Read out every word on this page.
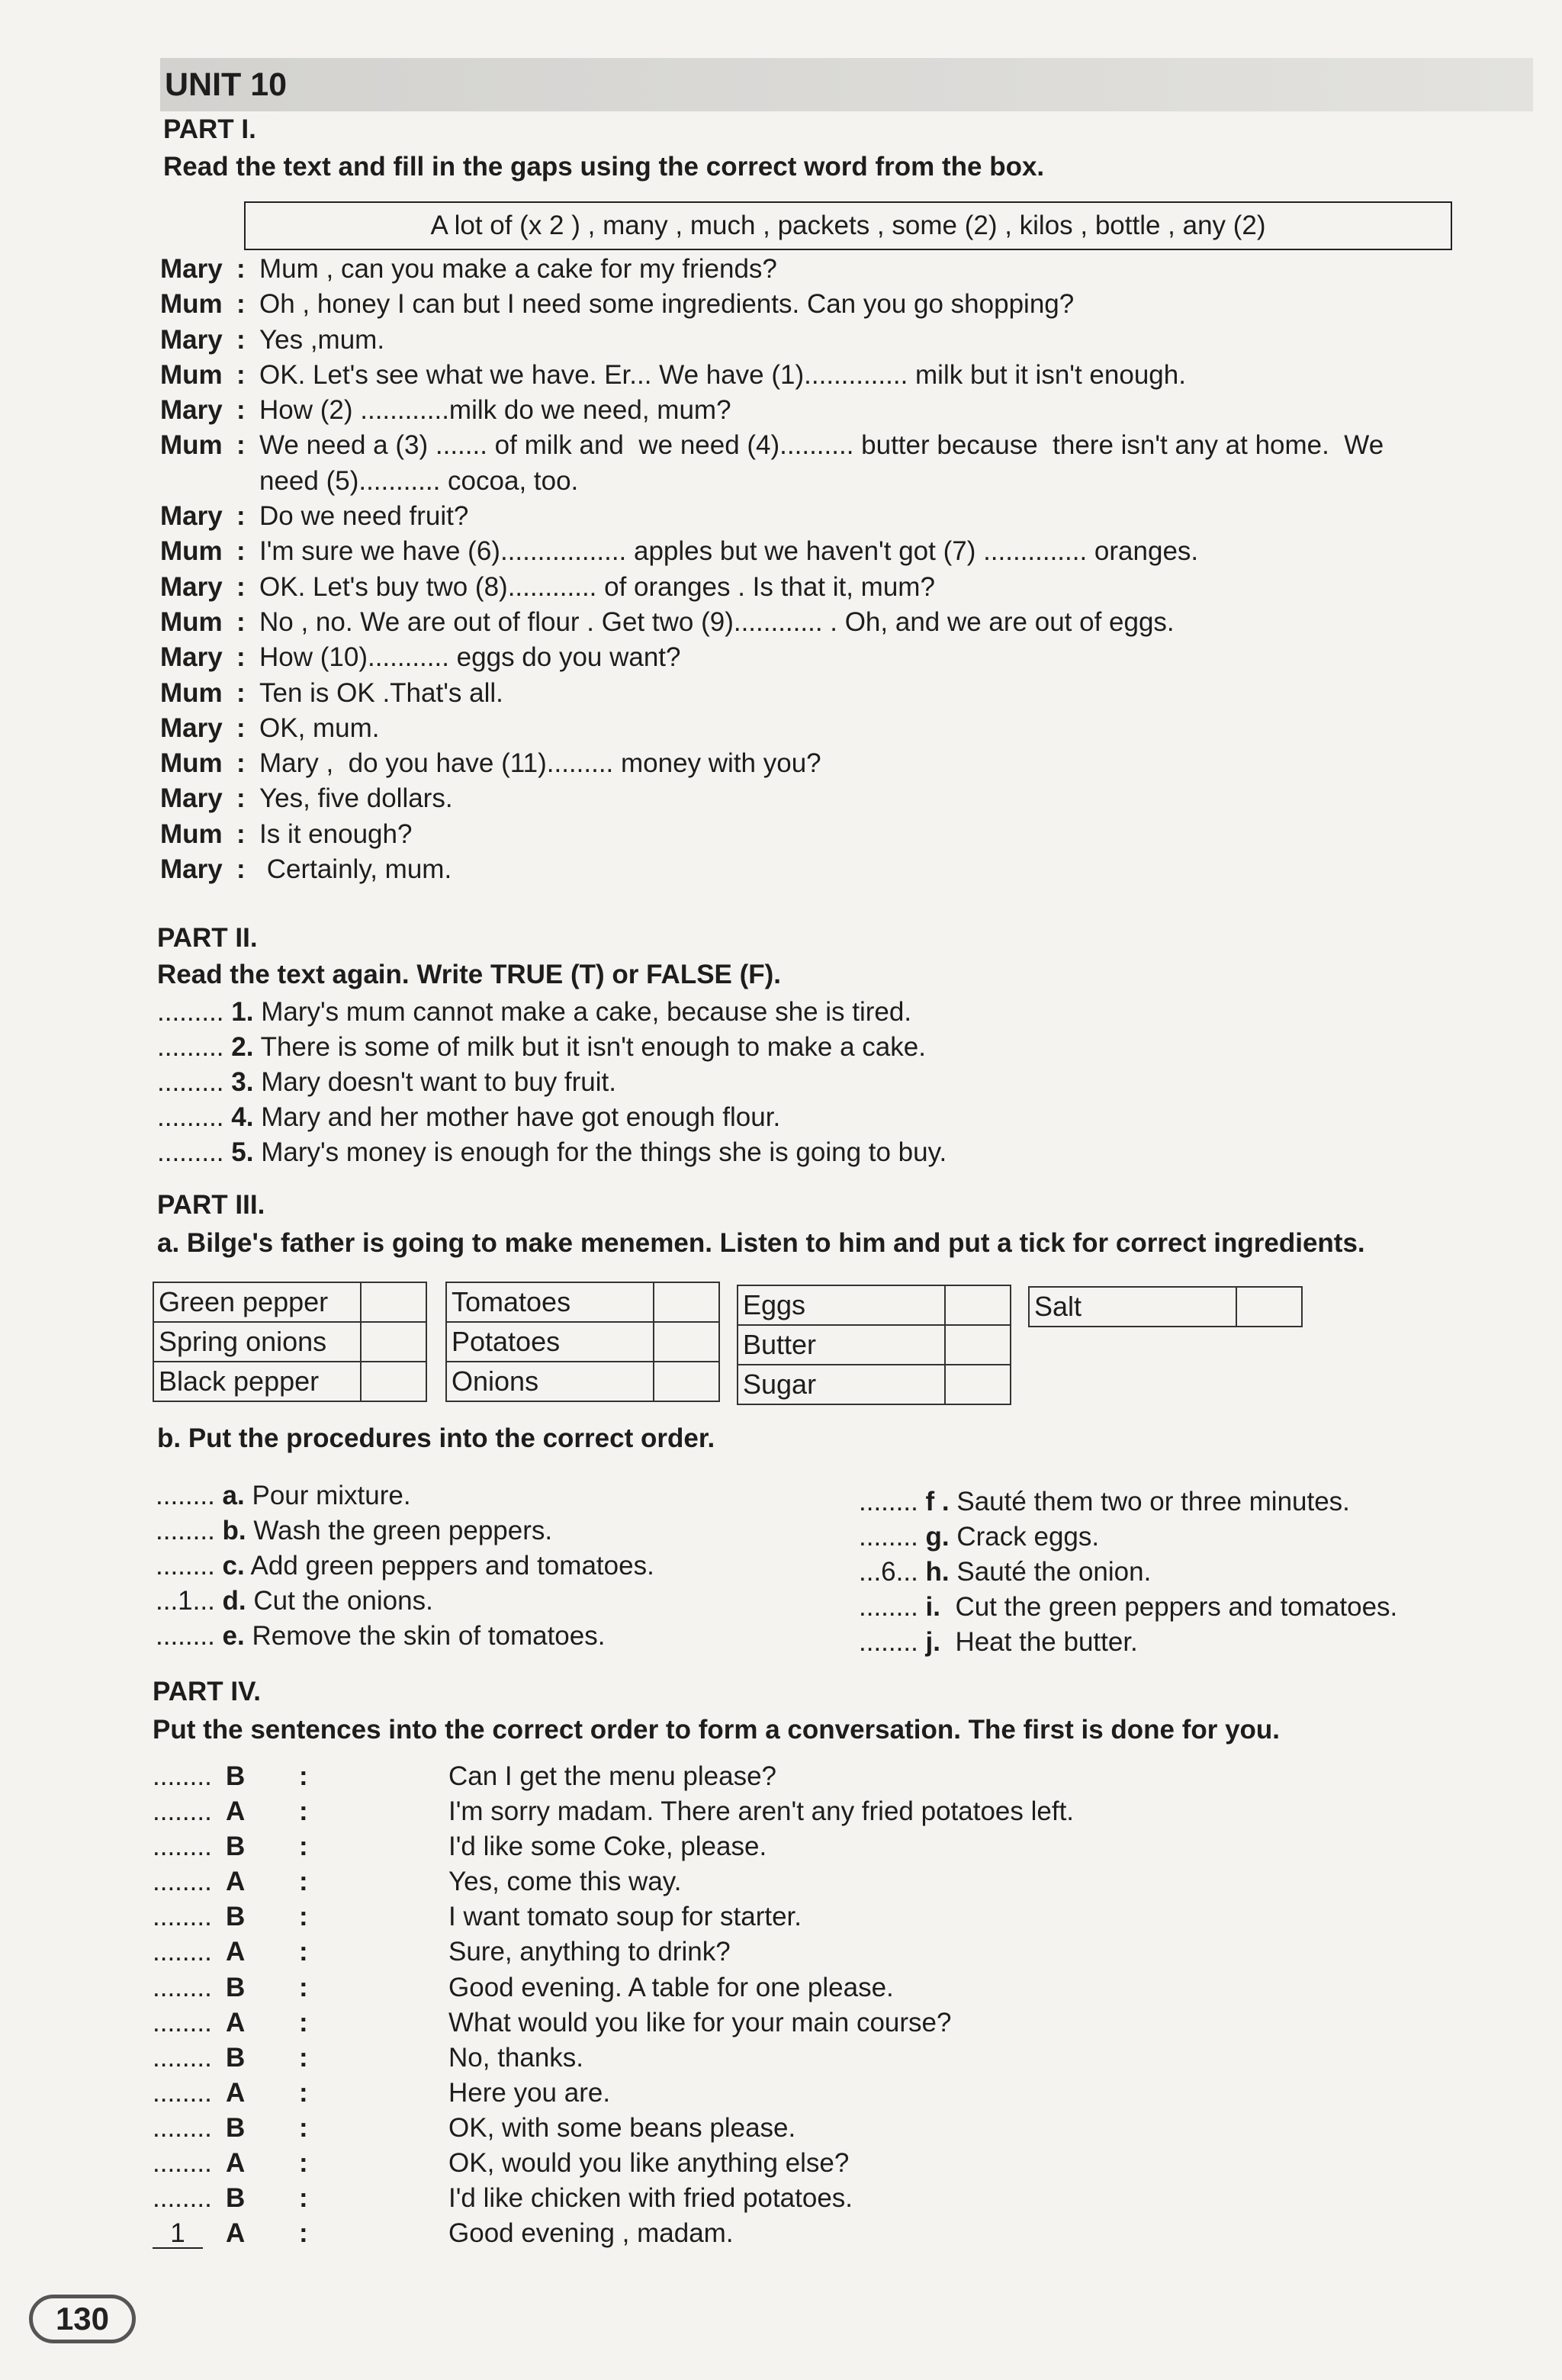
UNIT 10
PART I.
Read the text and fill in the gaps using the correct word from the box.
A lot of (x 2 ) , many , much , packets , some (2) , kilos , bottle , any (2)
Mary : Mum , can you make a cake for my friends?
Mum : Oh , honey I can but I need some ingredients. Can you go shopping?
Mary : Yes ,mum.
Mum : OK. Let's see what we have. Er... We have (1).............. milk but it isn't enough.
Mary : How (2) ............milk do we need, mum?
Mum : We need a (3) ....... of milk and  we need (4).......... butter because  there isn't any at home.  We
need (5)........... cocoa, too.
Mary : Do we need fruit?
Mum : I'm sure we have (6)................. apples but we haven't got (7) .............. oranges.
Mary : OK. Let's buy two (8)............ of oranges . Is that it, mum?
Mum : No , no. We are out of flour . Get two (9)............ . Oh, and we are out of eggs.
Mary : How (10)........... eggs do you want?
Mum : Ten is OK .That's all.
Mary : OK, mum.
Mum : Mary ,  do you have (11)......... money with you?
Mary : Yes, five dollars.
Mum : Is it enough?
Mary : Certainly, mum.
PART II.
Read the text again. Write TRUE (T) or FALSE (F).
......... 1. Mary's mum cannot make a cake, because she is tired.
......... 2. There is some of milk but it isn't enough to make a cake.
......... 3. Mary doesn't want to buy fruit.
......... 4. Mary and her mother have got enough flour.
......... 5. Mary's money is enough for the things she is going to buy.
PART III.
a. Bilge's father is going to make menemen. Listen to him and put a tick for correct ingredients.
Green pepper	
Spring onions	
Black pepper	
Tomatoes	
Potatoes	
Onions	
Eggs	
Butter	
Sugar	
Salt	
b. Put the procedures into the correct order.
........ a. Pour mixture.
........ b. Wash the green peppers.
........ c. Add green peppers and tomatoes.
...1... d. Cut the onions.
........ e. Remove the skin of tomatoes.
........ f . Sauté them two or three minutes.
........ g. Crack eggs.
...6... h. Sauté the onion.
........ i.  Cut the green peppers and tomatoes.
........ j.  Heat the butter.
PART IV.
Put the sentences into the correct order to form a conversation. The first is done for you.
........ B	:	Can I get the menu please?
........ A	:	I'm sorry madam. There aren't any fried potatoes left.
........ B	:	I'd like some Coke, please.
........ A	:	Yes, come this way.
........ B	:	I want tomato soup for starter.
........ A	:	Sure, anything to drink?
........ B	:	Good evening. A table for one please.
........ A	:	What would you like for your main course?
........ B	:	No, thanks.
........ A	:	Here you are.
........ B	:	OK, with some beans please.
........ A	:	OK, would you like anything else?
........ B	:	I'd like chicken with fried potatoes.
1	A	:	Good evening , madam.
130
